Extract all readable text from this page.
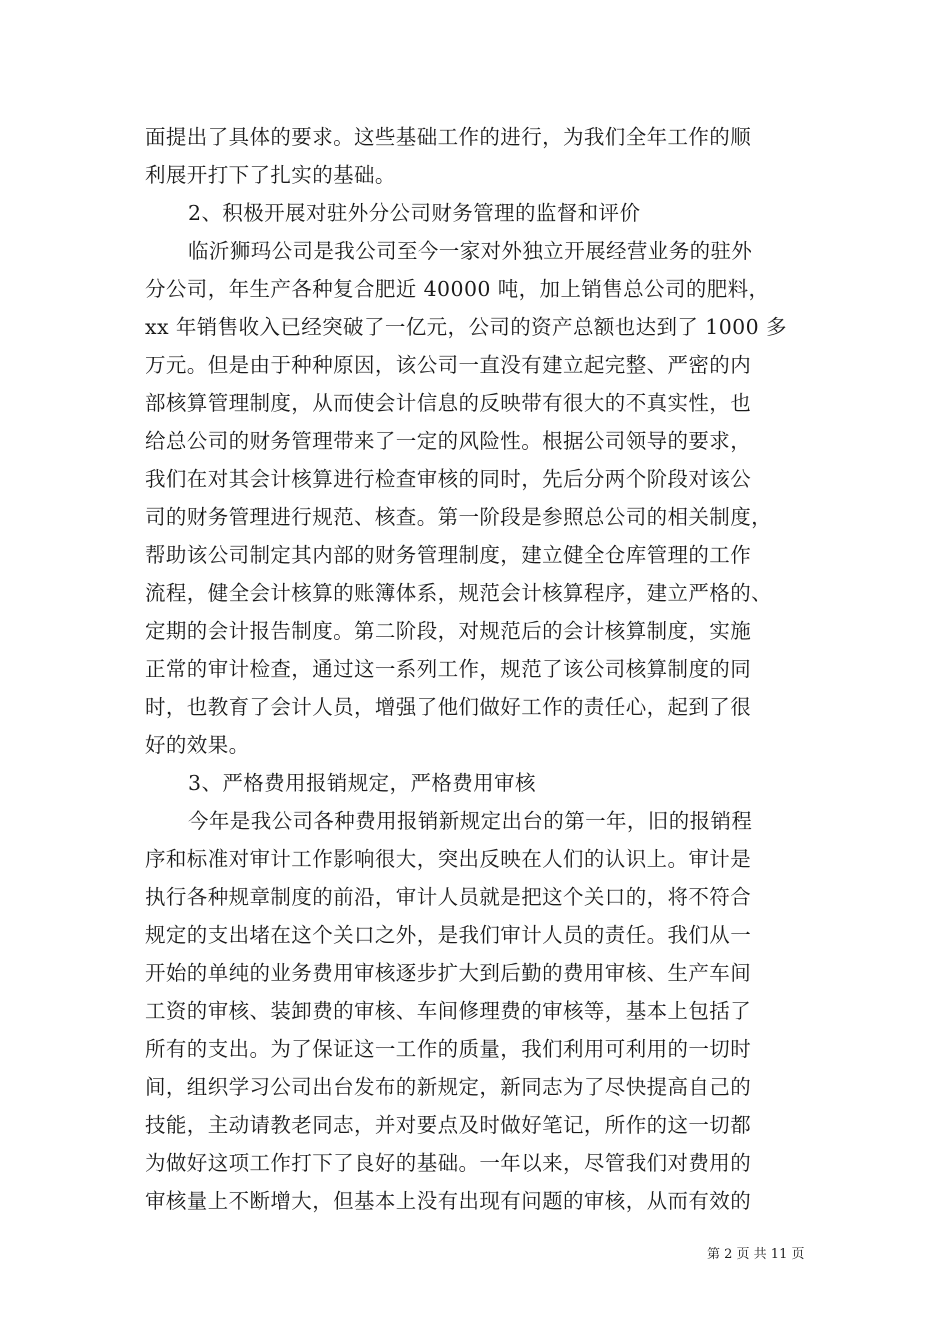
面提出了具体的要求。这些基础工作的进行，为我们全年工作的顺
利展开打下了扎实的基础。
2、积极开展对驻外分公司财务管理的监督和评价
临沂狮玛公司是我公司至今一家对外独立开展经营业务的驻外
分公司，年生产各种复合肥近 40000 吨，加上销售总公司的肥料，
xx 年销售收入已经突破了一亿元，公司的资产总额也达到了 1000 多
万元。但是由于种种原因，该公司一直没有建立起完整、严密的内
部核算管理制度，从而使会计信息的反映带有很大的不真实性，也
给总公司的财务管理带来了一定的风险性。根据公司领导的要求，
我们在对其会计核算进行检查审核的同时，先后分两个阶段对该公
司的财务管理进行规范、核查。第一阶段是参照总公司的相关制度，
帮助该公司制定其内部的财务管理制度，建立健全仓库管理的工作
流程，健全会计核算的账簿体系，规范会计核算程序，建立严格的、
定期的会计报告制度。第二阶段，对规范后的会计核算制度，实施
正常的审计检查，通过这一系列工作，规范了该公司核算制度的同
时，也教育了会计人员，增强了他们做好工作的责任心，起到了很
好的效果。
3、严格费用报销规定，严格费用审核
今年是我公司各种费用报销新规定出台的第一年，旧的报销程
序和标准对审计工作影响很大，突出反映在人们的认识上。审计是
执行各种规章制度的前沿，审计人员就是把这个关口的，将不符合
规定的支出堵在这个关口之外，是我们审计人员的责任。我们从一
开始的单纯的业务费用审核逐步扩大到后勤的费用审核、生产车间
工资的审核、装卸费的审核、车间修理费的审核等，基本上包括了
所有的支出。为了保证这一工作的质量，我们利用可利用的一切时
间，组织学习公司出台发布的新规定，新同志为了尽快提高自己的
技能，主动请教老同志，并对要点及时做好笔记，所作的这一切都
为做好这项工作打下了良好的基础。一年以来，尽管我们对费用的
审核量上不断增大，但基本上没有出现有问题的审核，从而有效的
第 2 页 共 11 页
